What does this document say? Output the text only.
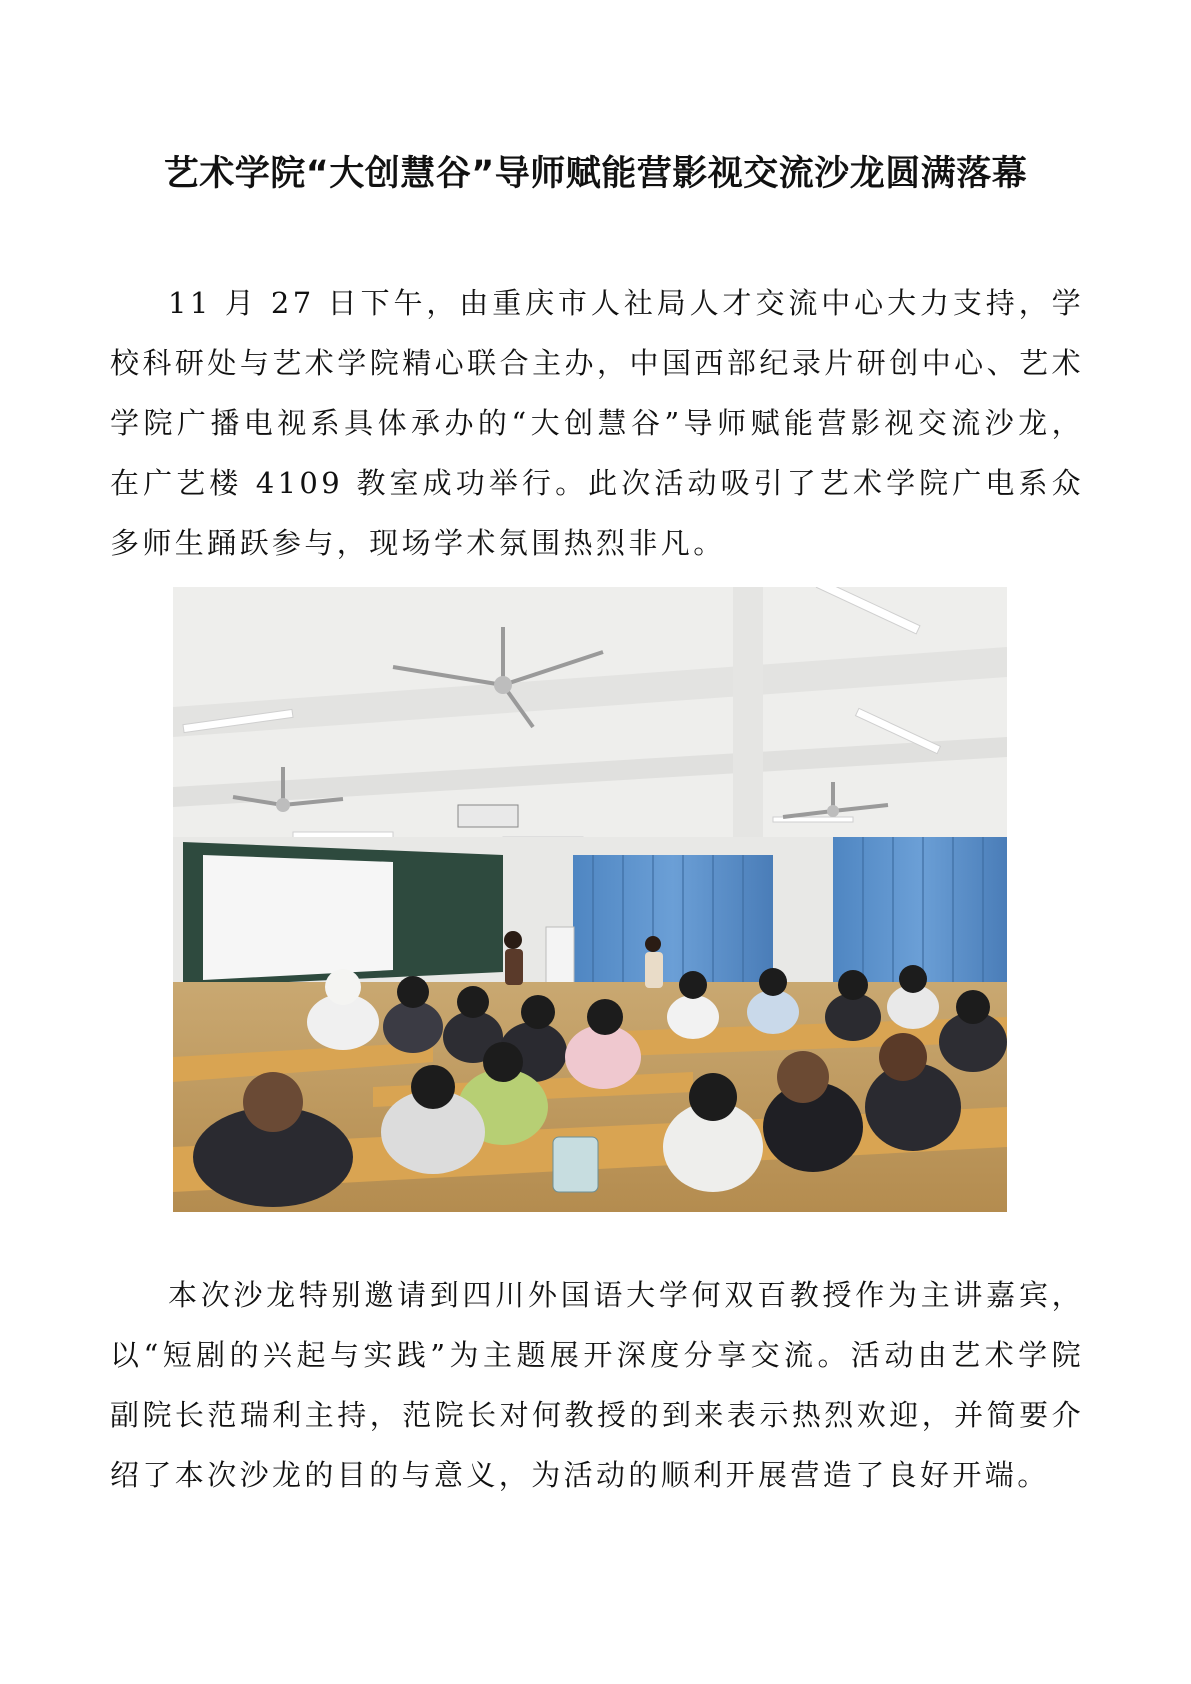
艺术学院“大创慧谷”导师赋能营影视交流沙龙圆满落幕

11 月 27 日下午，由重庆市人社局人才交流中心大力支持，学校科研处与艺术学院精心联合主办，中国西部纪录片研创中心、艺术学院广播电视系具体承办的“大创慧谷”导师赋能营影视交流沙龙，在广艺楼 4109 教室成功举行。此次活动吸引了艺术学院广电系众多师生踊跃参与，现场学术氛围热烈非凡。

本次沙龙特别邀请到四川外国语大学何双百教授作为主讲嘉宾，以“短剧的兴起与实践”为主题展开深度分享交流。活动由艺术学院副院长范瑞利主持，范院长对何教授的到来表示热烈欢迎，并简要介绍了本次沙龙的目的与意义，为活动的顺利开展营造了良好开端。
